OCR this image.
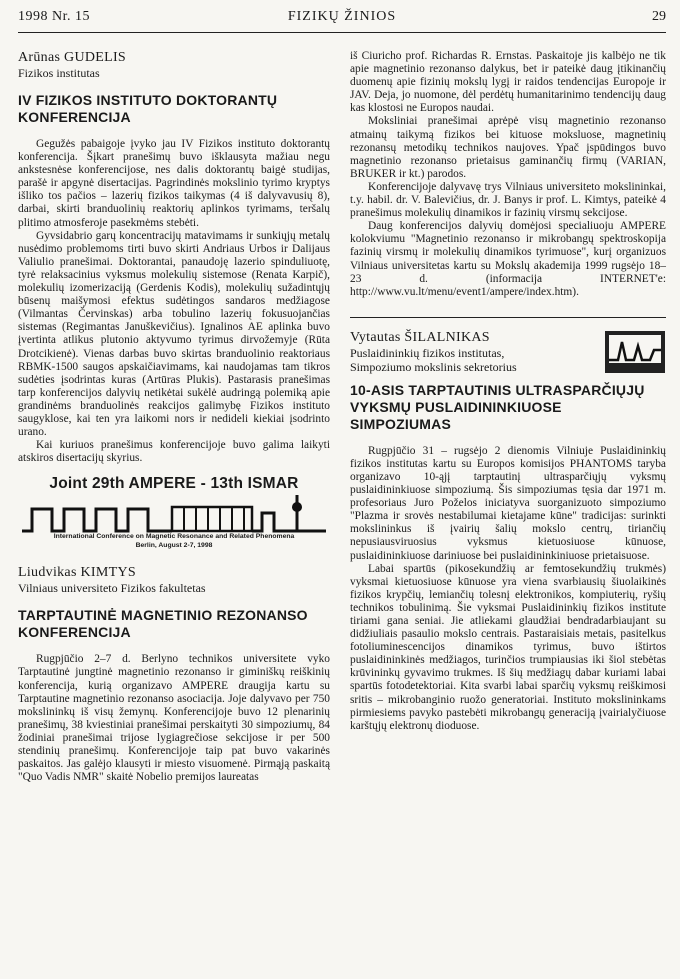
1998 Nr. 15	FIZIKŲ ŽINIOS	29

Arūnas GUDELIS

Fizikos institutas

IV FIZIKOS INSTITUTO DOKTORANTŲ KONFERENCIJA

Gegužės pabaigoje įvyko jau IV Fizikos instituto doktorantų konferencija. Šįkart pranešimų buvo išklausyta mažiau negu ankstesnėse konferencijose, nes dalis doktorantų baigė studijas, parašė ir apgynė disertacijas. Pagrindinės mokslinio tyrimo kryptys išliko tos pačios – lazerių fizikos taikymas (4 iš dalyvavusių 8), darbai, skirti branduolinių reaktorių aplinkos tyrimams, teršalų plitimo atmosferoje pasekmėms stebėti.

Gyvsidabrio garų koncentracijų matavimams ir sunkiųjų metalų nusėdimo problemoms tirti buvo skirti Andriaus Urbos ir Dalijaus Valiulio pranešimai. Doktorantai, panaudoję lazerio spinduliuotę, tyrė relaksacinius vyksmus molekulių sistemose (Renata Karpič), molekulių izomerizaciją (Gerdenis Kodis), molekulių sužadintųjų būsenų maišymosi efektus sudėtingos sandaros medžiagose (Vilmantas Červinskas) arba tobulino lazerių fokusuojančias sistemas (Regimantas Januškevičius). Ignalinos AE aplinka buvo įvertinta atlikus plutonio aktyvumo tyrimus dirvožemyje (Rūta Drotcikienė). Vienas darbas buvo skirtas branduolinio reaktoriaus RBMK-1500 saugos apskaičiavimams, kai naudojamas tam tikros sudėties įsodrintas kuras (Artūras Plukis). Pastarasis pranešimas tarp konferencijos dalyvių netikėtai sukėlė audringą polemiką apie grandinėms branduolinės reakcijos galimybę Fizikos instituto saugyklose, kai ten yra laikomi nors ir nedideli kiekiai įsodrinto urano.

Kai kuriuos pranešimus konferencijoje buvo galima laikyti atskiros disertacijų skyrius.

Joint 29th AMPERE - 13th ISMAR
International Conference on Magnetic Resonance and Related Phenomena
Berlin, August 2-7, 1998

Liudvikas KIMTYS

Vilniaus universiteto Fizikos fakultetas

TARPTAUTINĖ MAGNETINIO REZONANSO KONFERENCIJA

Rugpjūčio 2–7 d. Berlyno technikos universitete vyko Tarptautinė jungtinė magnetinio rezonanso ir giminiškų reiškinių konferencija, kurią organizavo AMPERE draugija kartu su Tarptautine magnetinio rezonanso asociacija. Joje dalyvavo per 750 mokslininkų iš visų žemynų. Konferencijoje buvo 12 plenarinių pranešimų, 38 kviestiniai pranešimai perskaityti 30 simpoziumų, 84 žodiniai pranešimai trijose lygiagrečiose sekcijose ir per 500 stendinių pranešimų. Konferencijoje taip pat buvo vakarinės paskaitos. Jas galėjo klausyti ir miesto visuomenė. Pirmąją paskaitą "Quo Vadis NMR" skaitė Nobelio premijos laureatas

iš Ciuricho prof. Richardas R. Ernstas. Paskaitoje jis kalbėjo ne tik apie magnetinio rezonanso dalykus, bet ir pateikė daug įtikinančių duomenų apie fizinių mokslų lygį ir raidos tendencijas Europoje ir JAV. Deja, jo nuomone, dėl perdėtų humanitarinimo tendencijų daug kas klostosi ne Europos naudai.

Moksliniai pranešimai aprėpė visų magnetinio rezonanso atmainų taikymą fizikos bei kituose moksluose, magnetinių rezonansų metodikų technikos naujoves. Ypač įspūdingos buvo magnetinio rezonanso prietaisus gaminančių firmų (VARIAN, BRUKER ir kt.) parodos.

Konferencijoje dalyvavę trys Vilniaus universiteto mokslininkai, t.y. habil. dr. V. Balevičius, dr. J. Banys ir prof. L. Kimtys, pateikė 4 pranešimus molekulių dinamikos ir fazinių virsmų sekcijose.

Daug konferencijos dalyvių domėjosi specialiuoju AMPERE kolokviumu "Magnetinio rezonanso ir mikrobangų spektroskopija fazinių virsmų ir molekulių dinamikos tyrimuose", kurį organizuos Vilniaus universitetas kartu su Mokslų akademija 1999 rugsėjo 18–23 d. (informacija INTERNET'e: http://www.vu.lt/menu/event1/ampere/index.htm).

Vytautas ŠILALNIKAS

Puslaidininkių fizikos institutas,

Simpoziumo mokslinis sekretorius

10-ASIS TARPTAUTINIS ULTRASPARČIŲJŲ VYKSMŲ PUSLAIDININKIUOSE SIMPOZIUMAS

Rugpjūčio 31 – rugsėjo 2 dienomis Vilniuje Puslaidininkių fizikos institutas kartu su Europos komisijos PHANTOMS taryba organizavo 10-ąjį tarptautinį ultrasparčiųjų vyksmų puslaidininkiuose simpoziumą. Šis simpoziumas tęsia dar 1971 m. profesoriaus Juro Poželos iniciatyva suorganizuoto simpoziumo "Plazma ir srovės nestabilumai kietajame kūne" tradicijas: surinkti mokslininkus iš įvairių šalių mokslo centrų, tiriančių nepusiausviruosius vyksmus kietuosiuose kūnuose, puslaidininkiuose dariniuose bei puslaidininkiniuose prietaisuose.

Labai spartūs (pikosekundžių ar femtosekundžių trukmės) vyksmai kietuosiuose kūnuose yra viena svarbiausių šiuolaikinės fizikos krypčių, lemiančių tolesnį elektronikos, kompiuterių, ryšių technikos tobulinimą. Šie vyksmai Puslaidininkių fizikos institute tiriami gana seniai. Jie atliekami glaudžiai bendradarbiaujant su didžiuliais pasaulio mokslo centrais. Pastaraisiais metais, pasitelkus fotoliuminescencijos dinamikos tyrimus, buvo ištirtos puslaidininkinės medžiagos, turinčios trumpiausias iki šiol stebėtas krūvininkų gyvavimo trukmes. Iš šių medžiagų dabar kuriami labai spartūs fotodetektoriai. Kita svarbi labai sparčių vyksmų reiškimosi sritis – mikrobanginio ruožo generatoriai. Instituto mokslininkams pirmiesiems pavyko pastebėti mikrobangų generaciją įvairialyčiuose karštųjų elektronų dioduose.
